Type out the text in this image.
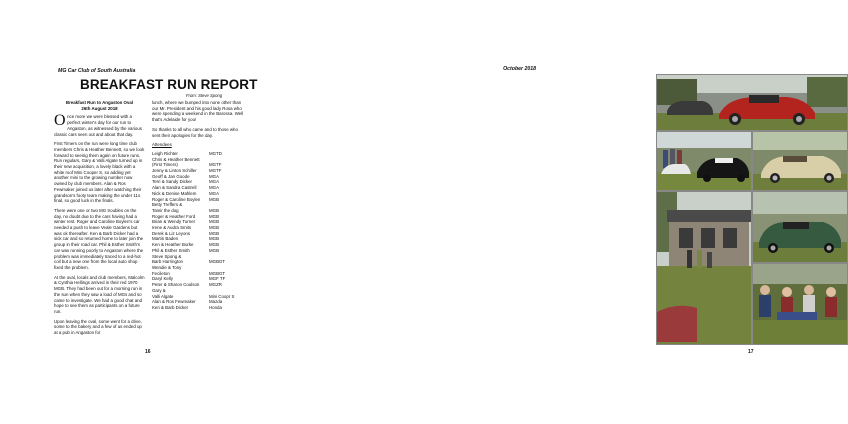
MG Car Club of South Australia
BREAKFAST RUN REPORT
From: Steve Spong
Breakfast Run to Angaston Oval
26th August 2018

Once more we were blessed with a perfect winter's day for our run to Angaston, as witnessed by the various classic cars seen out and about that day.

First Timers on the run were long time club members Chris & Heather Bennett, so we look forward to seeing them again on future runs. Run regulars, Gary & Valli Algate turned up in their new acquisition, a lovely black with a white roof Mini Cooper S, so adding yet another mini to the growing number now owned by club members. Alan & Ros Fewmaker joined us later after watching their grandson's footy team making the under 11s final, so good luck in the finals.

There were one or two MG troubles on the day, no doubt due to the cars having had a winter rest. Roger and Caroline Boylen's car needed a push to leave Veale Gardens but was ok thereafter. Ken & Barb Dicker had a sick car and so returned home to later join the group in their road car. Phil & Esther Smith's car was running poorly to Angaston where the problem was immediately traced to a red-hot coil but a new one from the local auto shop fixed the problem.

At the oval, locals and club members, Malcolm & Cynthia Hellings arrived in their red 1970 MGB. They had been out for a morning run in the sun when they saw a load of MGs and so came to investigate. We had a good chat and hope to see them as participants on a future run.

Upon leaving the oval, some went for a drive, some to the bakery and a few of us ended up at a pub in Angaston for

lunch, where we bumped into none other than our Mr. President and his good lady Rosa who were spending a weekend in the Barossa. Well that's Adelaide for you!

So thanks to all who came and to those who sent their apologies for the day.

Attendees
Leigh Richter	MGTD
Chris & Heather Bennett
(First Timers)	MGTF
Jenny & Linton Schiller	MGTF
Geoff & Jan Goode	MGA
Terri & Sandy Dicker	MGA
Alan & Sandra Castrell	MGA
Nick & Denise Mahlem	MGA
Roger & Caroline Boylen	MGB
Betty Treffers &
Tamir the dog	MGB
Roger & Heather Ford	MGB
Brian & Wendy Turner	MGB
Irene & Audra Smits	MGB
Derek & Liz Leyons	MGB
Martin Baden	MGB
Ken & Heather Burke	MGB
Phil & Esther Smith	MGB
Steve Spong &
Barb Harrington	MGBGT
Wendie & Tony
Fecileton	MGBGT
Daryl Kelly	MGF TF
Peter & Sharon Coulson	MGZR
Gary &
Valli Algate	Mini Coopr S
Alan & Ros Fewmaker	Mazda
Ken & Barb Dicker	Honda
16
October 2018
17
